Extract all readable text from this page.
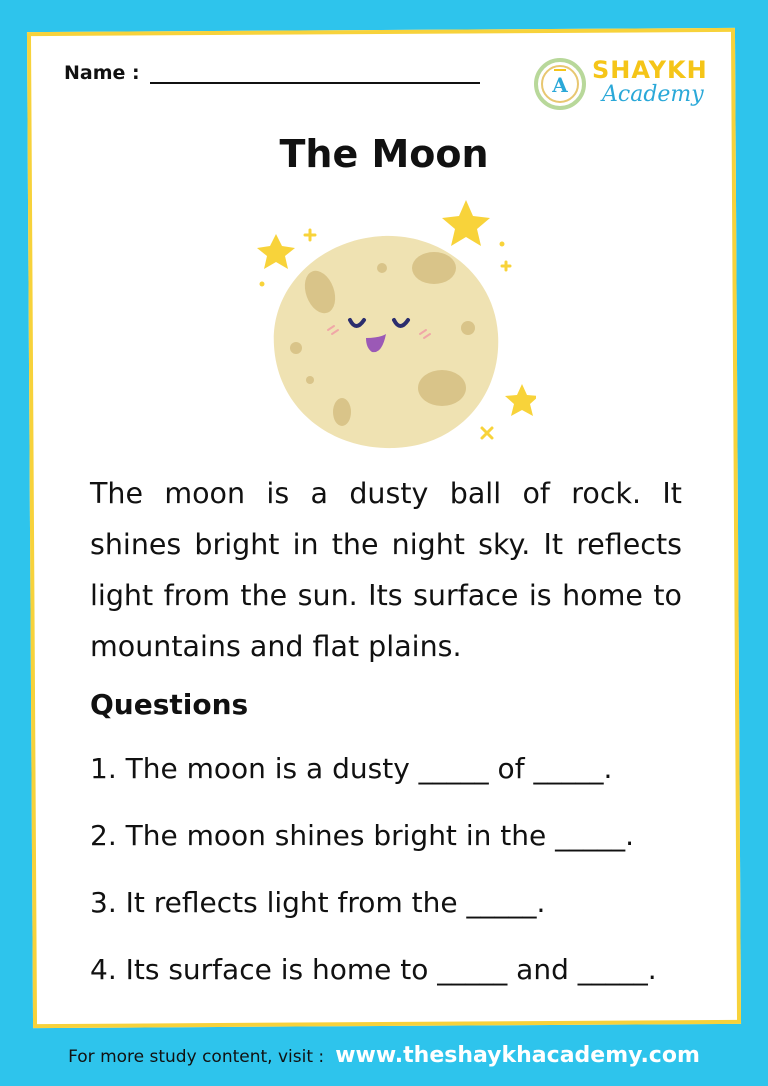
Name :	A
SHAYKH
Academy
The Moon
The moon is a dusty ball of rock. It shines bright in the night sky. It reflects light from the sun. Its surface is home to mountains and flat plains.
Questions
1. The moon is a dusty _____ of _____.
2. The moon shines bright in the _____.
3. It reflects light from the _____.
4. Its surface is home to _____ and _____.
For more study content, visit : www.theshaykhacademy.com
